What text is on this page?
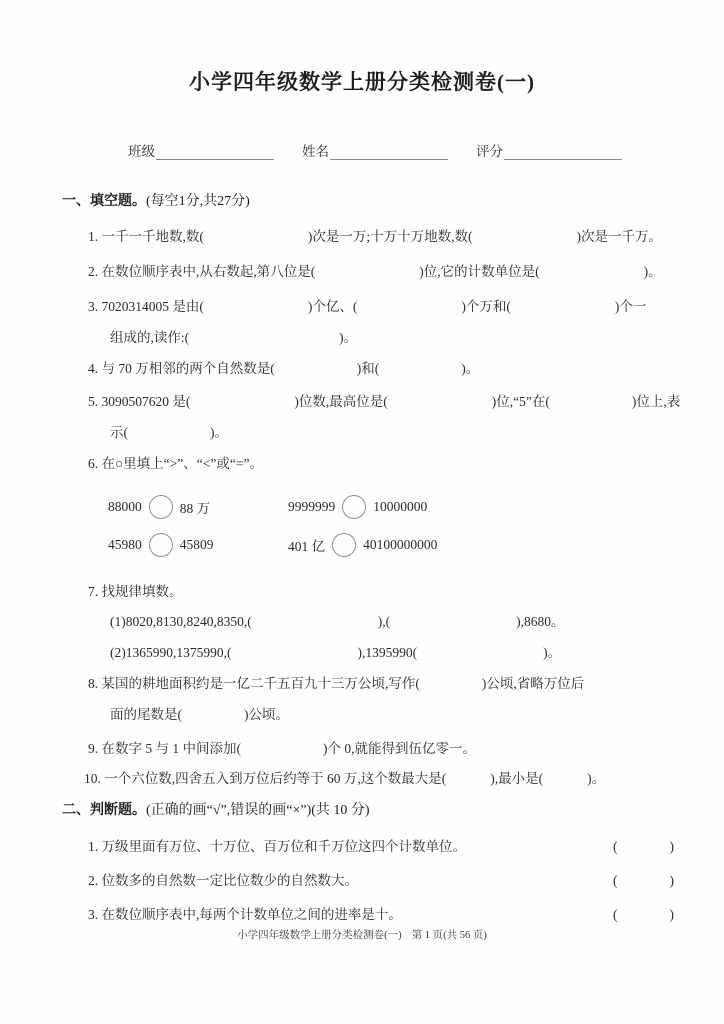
小学四年级数学上册分类检测卷(一)
班级	姓名	评分
一、填空题。(每空1分,共27分)
1. 一千一千地数,数(	)次是一万;十万十万地数,数(	)次是一千万。
2. 在数位顺序表中,从右数起,第八位是(	)位,它的计数单位是(	)。
3. 7020314005 是由(	)个亿、(	)个万和(	)个一
组成的,读作:(	)。
4. 与 70 万相邻的两个自然数是(	)和(	)。
5. 3090507620 是(	)位数,最高位是(	)位,“5”在(	)位上,表
示(	)。
6. 在○里填上“>”、“<”或“=”。
88000	88 万	9999999	10000000
45980	45809	401 亿	40100000000
7. 找规律填数。
(1)8020,8130,8240,8350,(	),(	),8680。
(2)1365990,1375990,(	),1395990(	)。
8. 某国的耕地面积约是一亿二千五百九十三万公顷,写作(	)公顷,省略万位后
面的尾数是(	)公顷。
9. 在数字 5 与 1 中间添加(	)个 0,就能得到伍亿零一。
10. 一个六位数,四舍五入到万位后约等于 60 万,这个数最大是(	),最小是(	)。
二、判断题。(正确的画“√”,错误的画“×”)(共 10 分)
1. 万级里面有万位、十万位、百万位和千万位这四个计数单位。	(	)
2. 位数多的自然数一定比位数少的自然数大。	(	)
3. 在数位顺序表中,每两个计数单位之间的进率是十。	(	)
小学四年级数学上册分类检测卷(一) 第 1 页(共 56 页)
